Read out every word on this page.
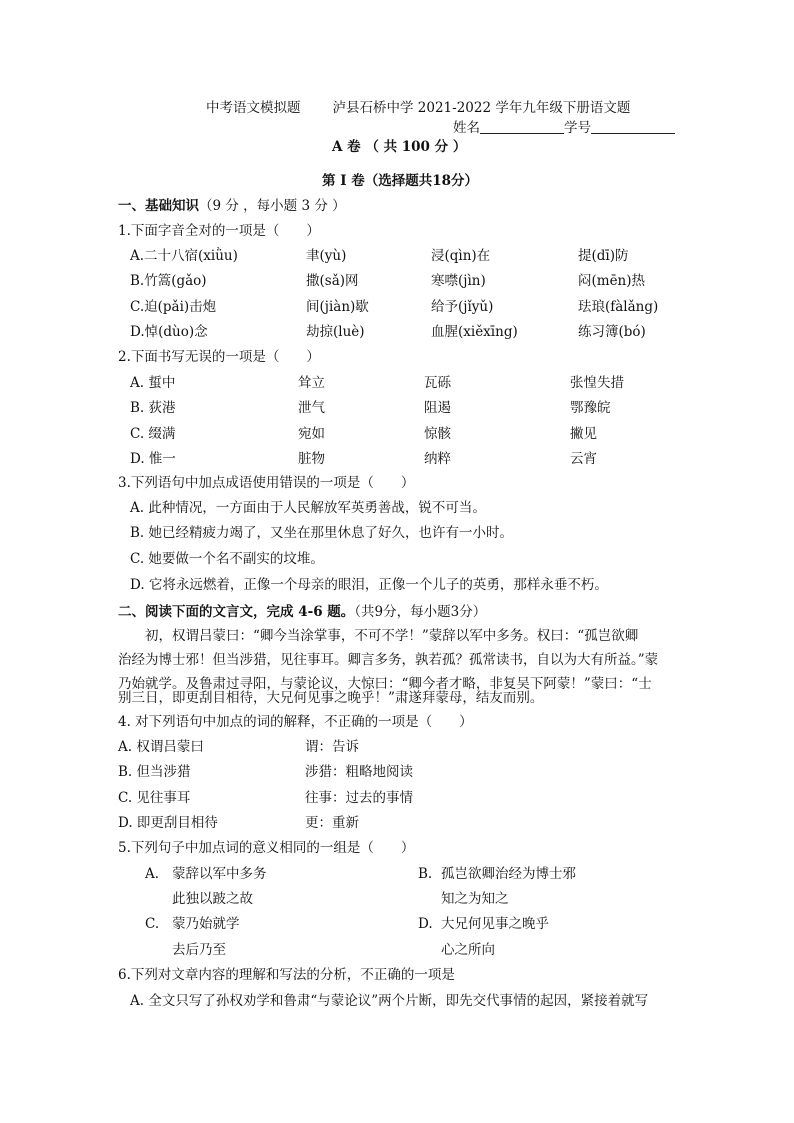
中考语文模拟题 泸县石桥中学 2021-2022 学年九年级下册语文题
姓名	学号
A 卷 （ 共 100 分 ）
第 Ⅰ 卷（选择题共18分）
一、基础知识（9 分 ，每小题 3 分 ）
1.下面字音全对的一项是（　　）
A.二十八宿(xiǜu)	聿(yù)	浸(qìn)在	提(dī)防
B.竹篙(gǎo)	撒(sǎ)网	寒噤(jìn)	闷(mēn)热
C.迫(pǎi)击炮	间(jiàn)歇	给予(jǐyǔ)	珐琅(fàlǎng)
D.悼(dùo)念	劫掠(luè)	血腥(xiěxīng)	练习簿(bó)
2.下面书写无误的一项是（　　）
A. 蜇中	耸立	瓦砾	张惶失措
B. 荻港	泄气	阻遏	鄂豫皖
C. 缀满	宛如	惊骸	撇见
D. 惟一	脏物	纳粹	云宵
3.下列语句中加点成语使用错误的一项是（　　）
A. 此种情况，一方面由于人民解放军英勇善战，锐不可当。
B. 她已经精疲力竭了，又坐在那里休息了好久，也许有一小时。
C. 她要做一个名不副实的坟堆。
D. 它将永远燃着，正像一个母亲的眼泪，正像一个儿子的英勇，那样永垂不朽。
二、阅读下面的文言文，完成 4-6 题。（共9分，每小题3分）
　　初，权谓吕蒙曰：“卿今当涂掌事，不可不学！”蒙辞以军中多务。权曰：“孤岂欲卿
治经为博士邪！但当涉猎，见往事耳。卿言多务，孰若孤？孤常读书，自以为大有所益。”蒙
乃始就学。及鲁肃过寻阳，与蒙论议，大惊曰：“卿今者才略，非复吴下阿蒙！”蒙曰：“士
别三日，即更刮目相待，大兄何见事之晚乎！”肃遂拜蒙母，结友而别。
4. 对下列语句中加点的词的解释，不正确的一项是（　　）
A. 权谓吕蒙曰	谓：告诉
B. 但当涉猎	涉猎：粗略地阅读
C. 见往事耳	往事：过去的事情
D. 即更刮目相待	更：重新
5.下列句子中加点词的意义相同的一组是（　　）
A. 蒙辞以军中多务
此独以跛之故
B. 孤岂欲卿治经为博士邪
知之为知之
C. 蒙乃始就学
去后乃至
D. 大兄何见事之晚乎
心之所向
6.下列对文章内容的理解和写法的分析，不正确的一项是
A. 全文只写了孙权劝学和鲁肃“与蒙论议”两个片断，即先交代事情的起因，紧接着就写
